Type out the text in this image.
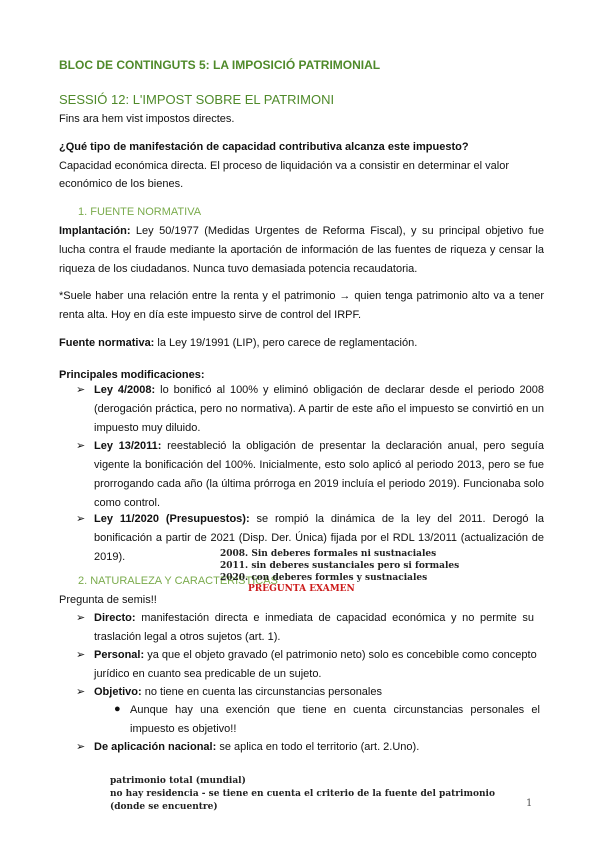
BLOC DE CONTINGUTS 5: LA IMPOSICIÓ PATRIMONIAL
SESSIÓ 12: L'IMPOST SOBRE EL PATRIMONI
Fins ara hem vist impostos directes.
¿Qué tipo de manifestación de capacidad contributiva alcanza este impuesto?
Capacidad económica directa. El proceso de liquidación va a consistir en determinar el valor
económico de los bienes.
1. FUENTE NORMATIVA
Implantación: Ley 50/1977 (Medidas Urgentes de Reforma Fiscal), y su principal objetivo fue lucha contra el fraude mediante la aportación de información de las fuentes de riqueza y censar la riqueza de los ciudadanos. Nunca tuvo demasiada potencia recaudatoria.
*Suele haber una relación entre la renta y el patrimonio → quien tenga patrimonio alto va a tener renta alta. Hoy en día este impuesto sirve de control del IRPF.
Fuente normativa: la Ley 19/1991 (LIP), pero carece de reglamentación.
Principales modificaciones:
➢ Ley 4/2008: lo bonificó al 100% y eliminó obligación de declarar desde el periodo 2008 (derogación práctica, pero no normativa). A partir de este año el impuesto se convirtió en un impuesto muy diluido.
➢ Ley 13/2011: reestableció la obligación de presentar la declaración anual, pero seguía vigente la bonificación del 100%. Inicialmente, esto solo aplicó al periodo 2013, pero se fue prorrogando cada año (la última prórroga en 2019 incluía el periodo 2019). Funcionaba solo como control.
➢ Ley 11/2020 (Presupuestos): se rompió la dinámica de la ley del 2011. Derogó la bonificación a partir de 2021 (Disp. Der. Única) fijada por el RDL 13/2011 (actualización de 2019).
2. NATURALEZA Y CARACTERÍSTICAS
2008. Sin deberes formales ni sustnaciales
2011. sin deberes sustanciales pero si formales
2020. con deberes formles y sustnaciales
PREGUNTA EXAMEN
Pregunta de semis!!
➢ Directo: manifestación directa e inmediata de capacidad económica y no permite su traslación legal a otros sujetos (art. 1).
➢ Personal: ya que el objeto gravado (el patrimonio neto) solo es concebible como concepto jurídico en cuanto sea predicable de un sujeto.
➢ Objetivo: no tiene en cuenta las circunstancias personales
● Aunque hay una exención que tiene en cuenta circunstancias personales el impuesto es objetivo!!
➢ De aplicación nacional: se aplica en todo el territorio (art. 2.Uno).
patrimonio total (mundial)
no hay residencia - se tiene en cuenta el criterio de la fuente del patrimonio
(donde se encuentre)	1
